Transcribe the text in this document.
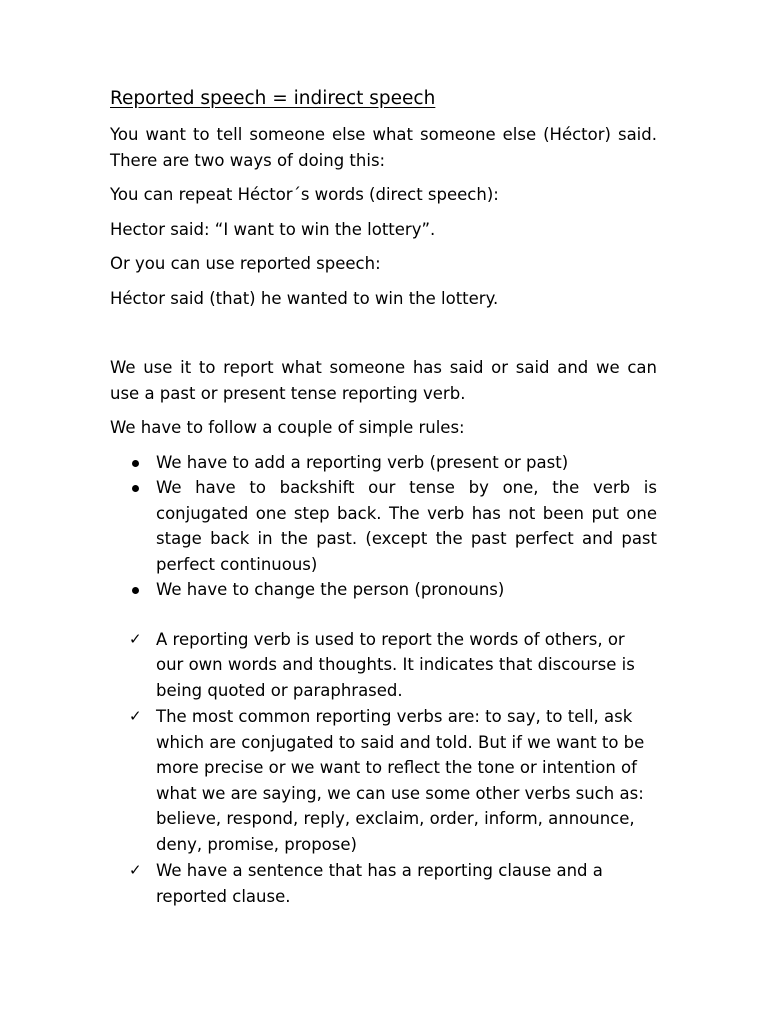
Reported speech = indirect speech

You want to tell someone else what someone else (Héctor) said. There are two ways of doing this:

You can repeat Héctor´s words (direct speech):

Hector said: “I want to win the lottery”.

Or you can use reported speech:

Héctor said (that) he wanted to win the lottery.

We use it to report what someone has said or said and we can use a past or present tense reporting verb.

We have to follow a couple of simple rules:

We have to add a reporting verb (present or past)
We have to backshift our tense by one, the verb is conjugated one step back. The verb has not been put one stage back in the past. (except the past perfect and past perfect continuous)
We have to change the person (pronouns)
✓ A reporting verb is used to report the words of others, or our own words and thoughts. It indicates that discourse is being quoted or paraphrased.
✓ The most common reporting verbs are: to say, to tell, ask which are conjugated to said and told. But if we want to be more precise or we want to reflect the tone or intention of what we are saying, we can use some other verbs such as: believe, respond, reply, exclaim, order, inform, announce, deny, promise, propose)
✓ We have a sentence that has a reporting clause and a reported clause.
